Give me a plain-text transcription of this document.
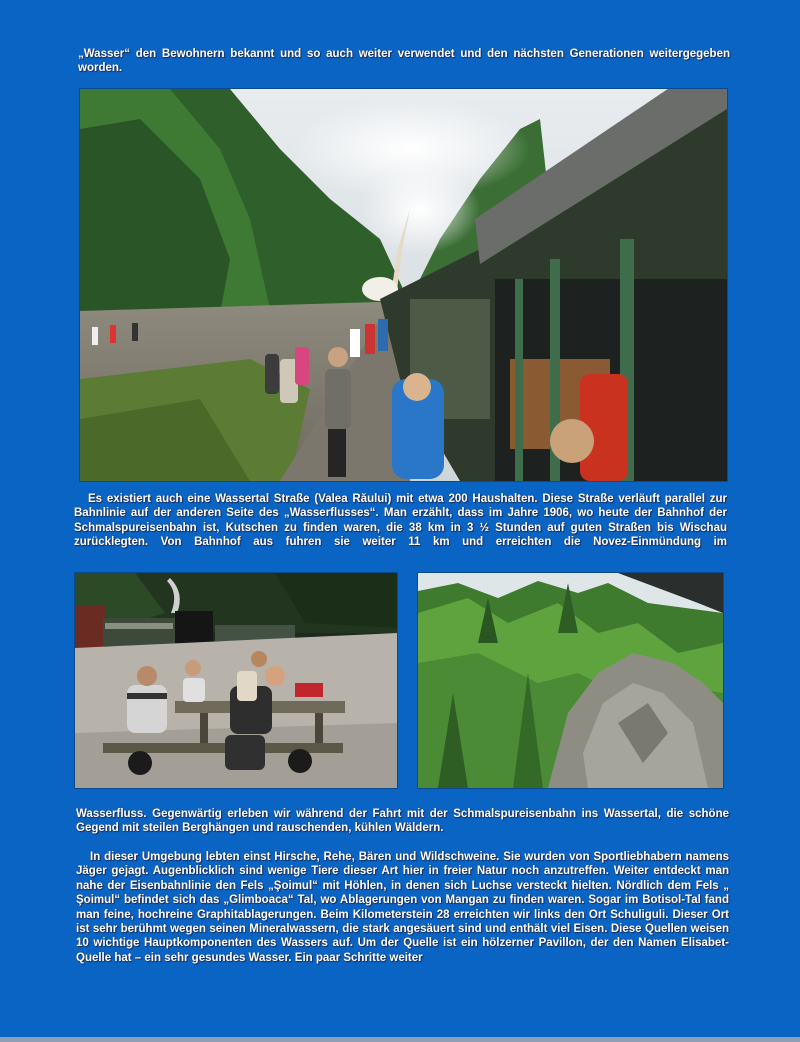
„Wasser“ den Bewohnern bekannt und so auch weiter verwendet und den nächsten Generationen weitergegeben worden.
Es existiert auch eine Wassertal Straße (Valea Răului) mit etwa 200 Haushalten. Diese Straße verläuft parallel zur Bahnlinie auf der anderen Seite des „Wasserflusses“. Man erzählt, dass im Jahre 1906, wo heute der Bahnhof der Schmalspureisenbahn ist, Kutschen zu finden waren, die 38 km in 3 ½ Stunden auf guten Straßen bis Wischau zurücklegten. Von Bahnhof aus fuhren sie weiter 11 km und erreichten die Novez-Einmündung im
Wasserfluss. Gegenwärtig erleben wir während der Fahrt mit der Schmalspureisenbahn ins Wassertal, die schöne Gegend mit steilen Berghängen und rauschenden, kühlen Wäldern.
In dieser Umgebung lebten einst Hirsche, Rehe, Bären und Wildschweine. Sie wurden von Sportliebhabern namens Jäger gejagt. Augenblicklich sind wenige Tiere dieser Art hier in freier Natur noch anzutreffen. Weiter entdeckt man nahe der Eisenbahnlinie den Fels „Şoimul“ mit Höhlen, in denen sich Luchse versteckt hielten. Nördlich dem Fels „ Şoimul“ befindet sich das „Glimboaca“ Tal, wo Ablagerungen von Mangan zu finden waren. Sogar im Botisol-Tal fand man feine, hochreine Graphitablagerungen. Beim Kilometerstein 28 erreichten wir links den Ort Schuliguli. Dieser Ort ist sehr berühmt wegen seinen Mineralwassern, die stark angesäuert sind und enthält viel Eisen. Diese Quellen weisen 10 wichtige Hauptkomponenten des Wassers auf. Um der Quelle ist ein hölzerner Pavillon, der den Namen Elisabet-Quelle hat – ein sehr gesundes Wasser. Ein paar Schritte weiter
